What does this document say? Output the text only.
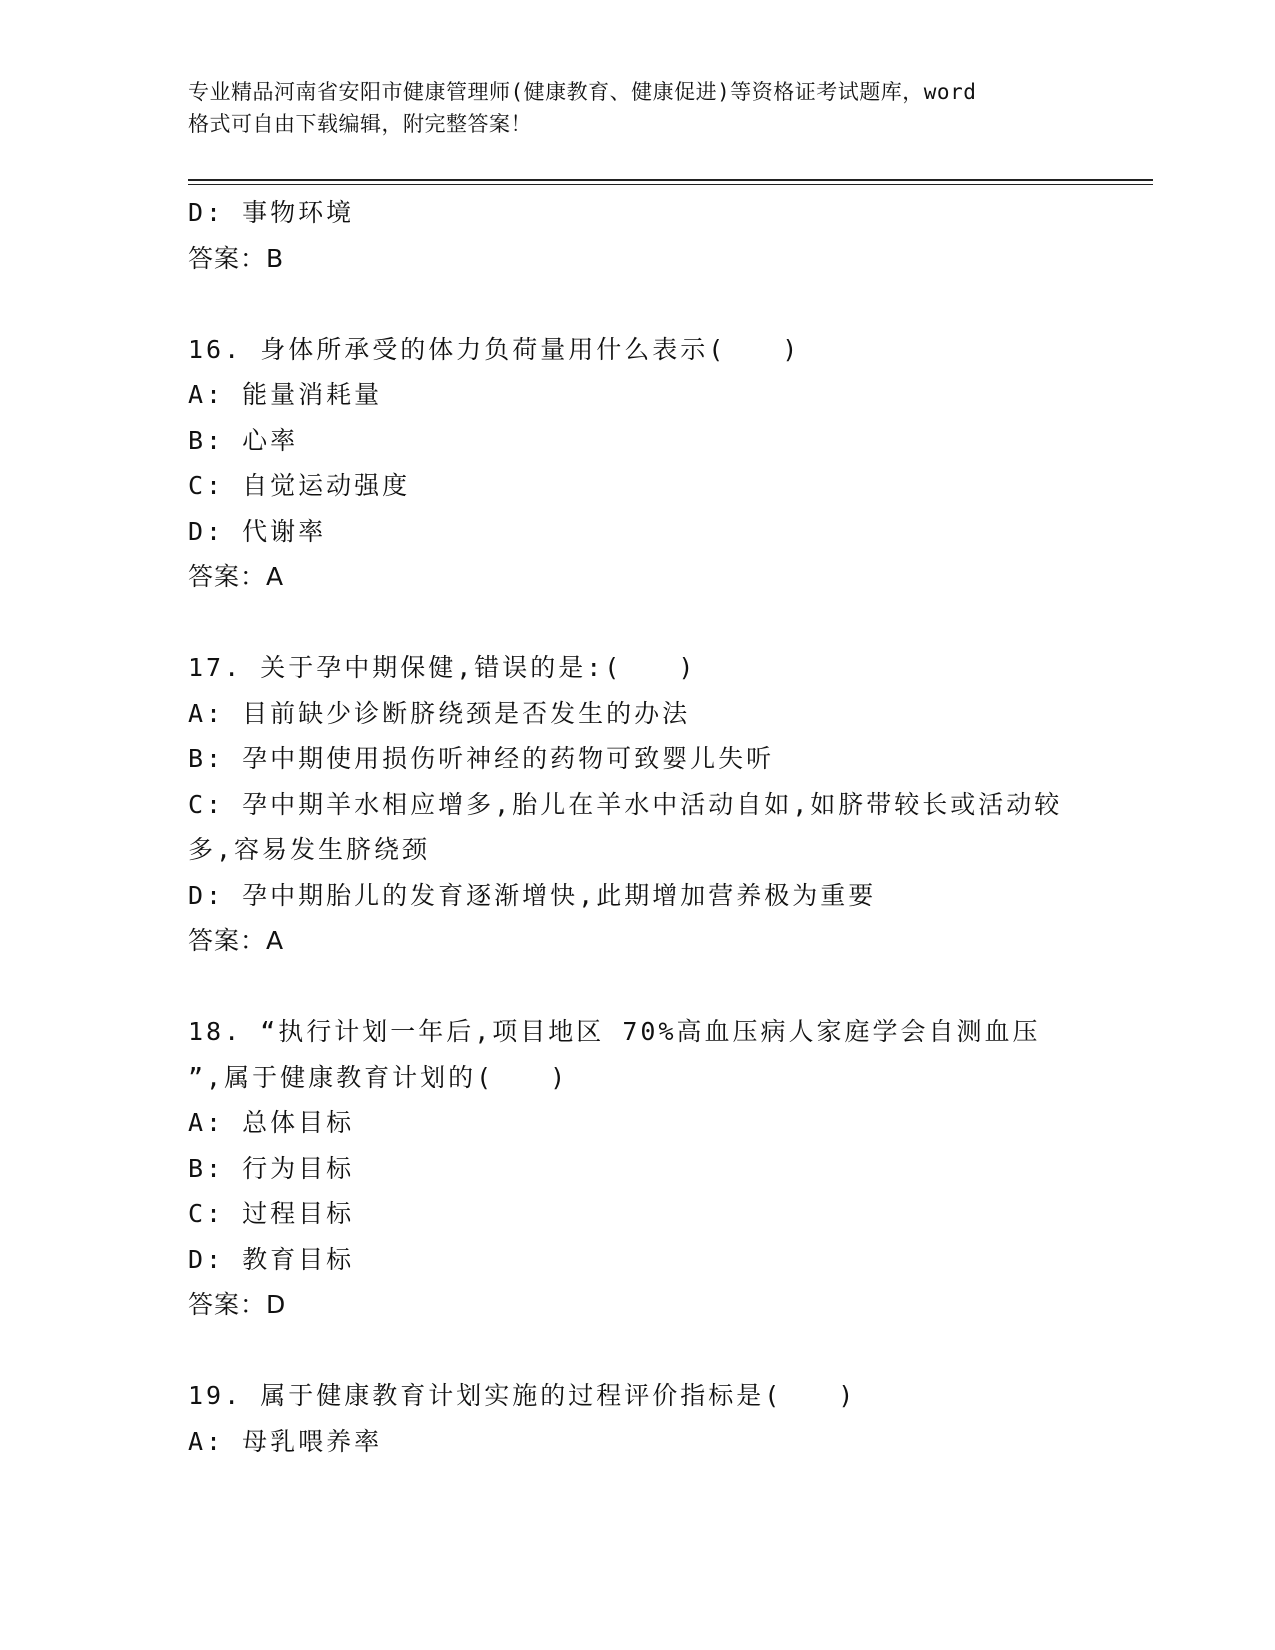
专业精品河南省安阳市健康管理师(健康教育、健康促进)等资格证考试题库，word
格式可自由下载编辑，附完整答案！
D: 事物环境
答案：B
16. 身体所承受的体力负荷量用什么表示(　　)
A: 能量消耗量
B: 心率
C: 自觉运动强度
D: 代谢率
答案：A
17. 关于孕中期保健,错误的是:(　　)
A: 目前缺少诊断脐绕颈是否发生的办法
B: 孕中期使用损伤听神经的药物可致婴儿失听
C: 孕中期羊水相应增多,胎儿在羊水中活动自如,如脐带较长或活动较
多,容易发生脐绕颈
D: 孕中期胎儿的发育逐渐增快,此期增加营养极为重要
答案：A
18. “执行计划一年后,项目地区 70%高血压病人家庭学会自测血压
”,属于健康教育计划的(　　)
A: 总体目标
B: 行为目标
C: 过程目标
D: 教育目标
答案：D
19. 属于健康教育计划实施的过程评价指标是(　　)
A: 母乳喂养率
